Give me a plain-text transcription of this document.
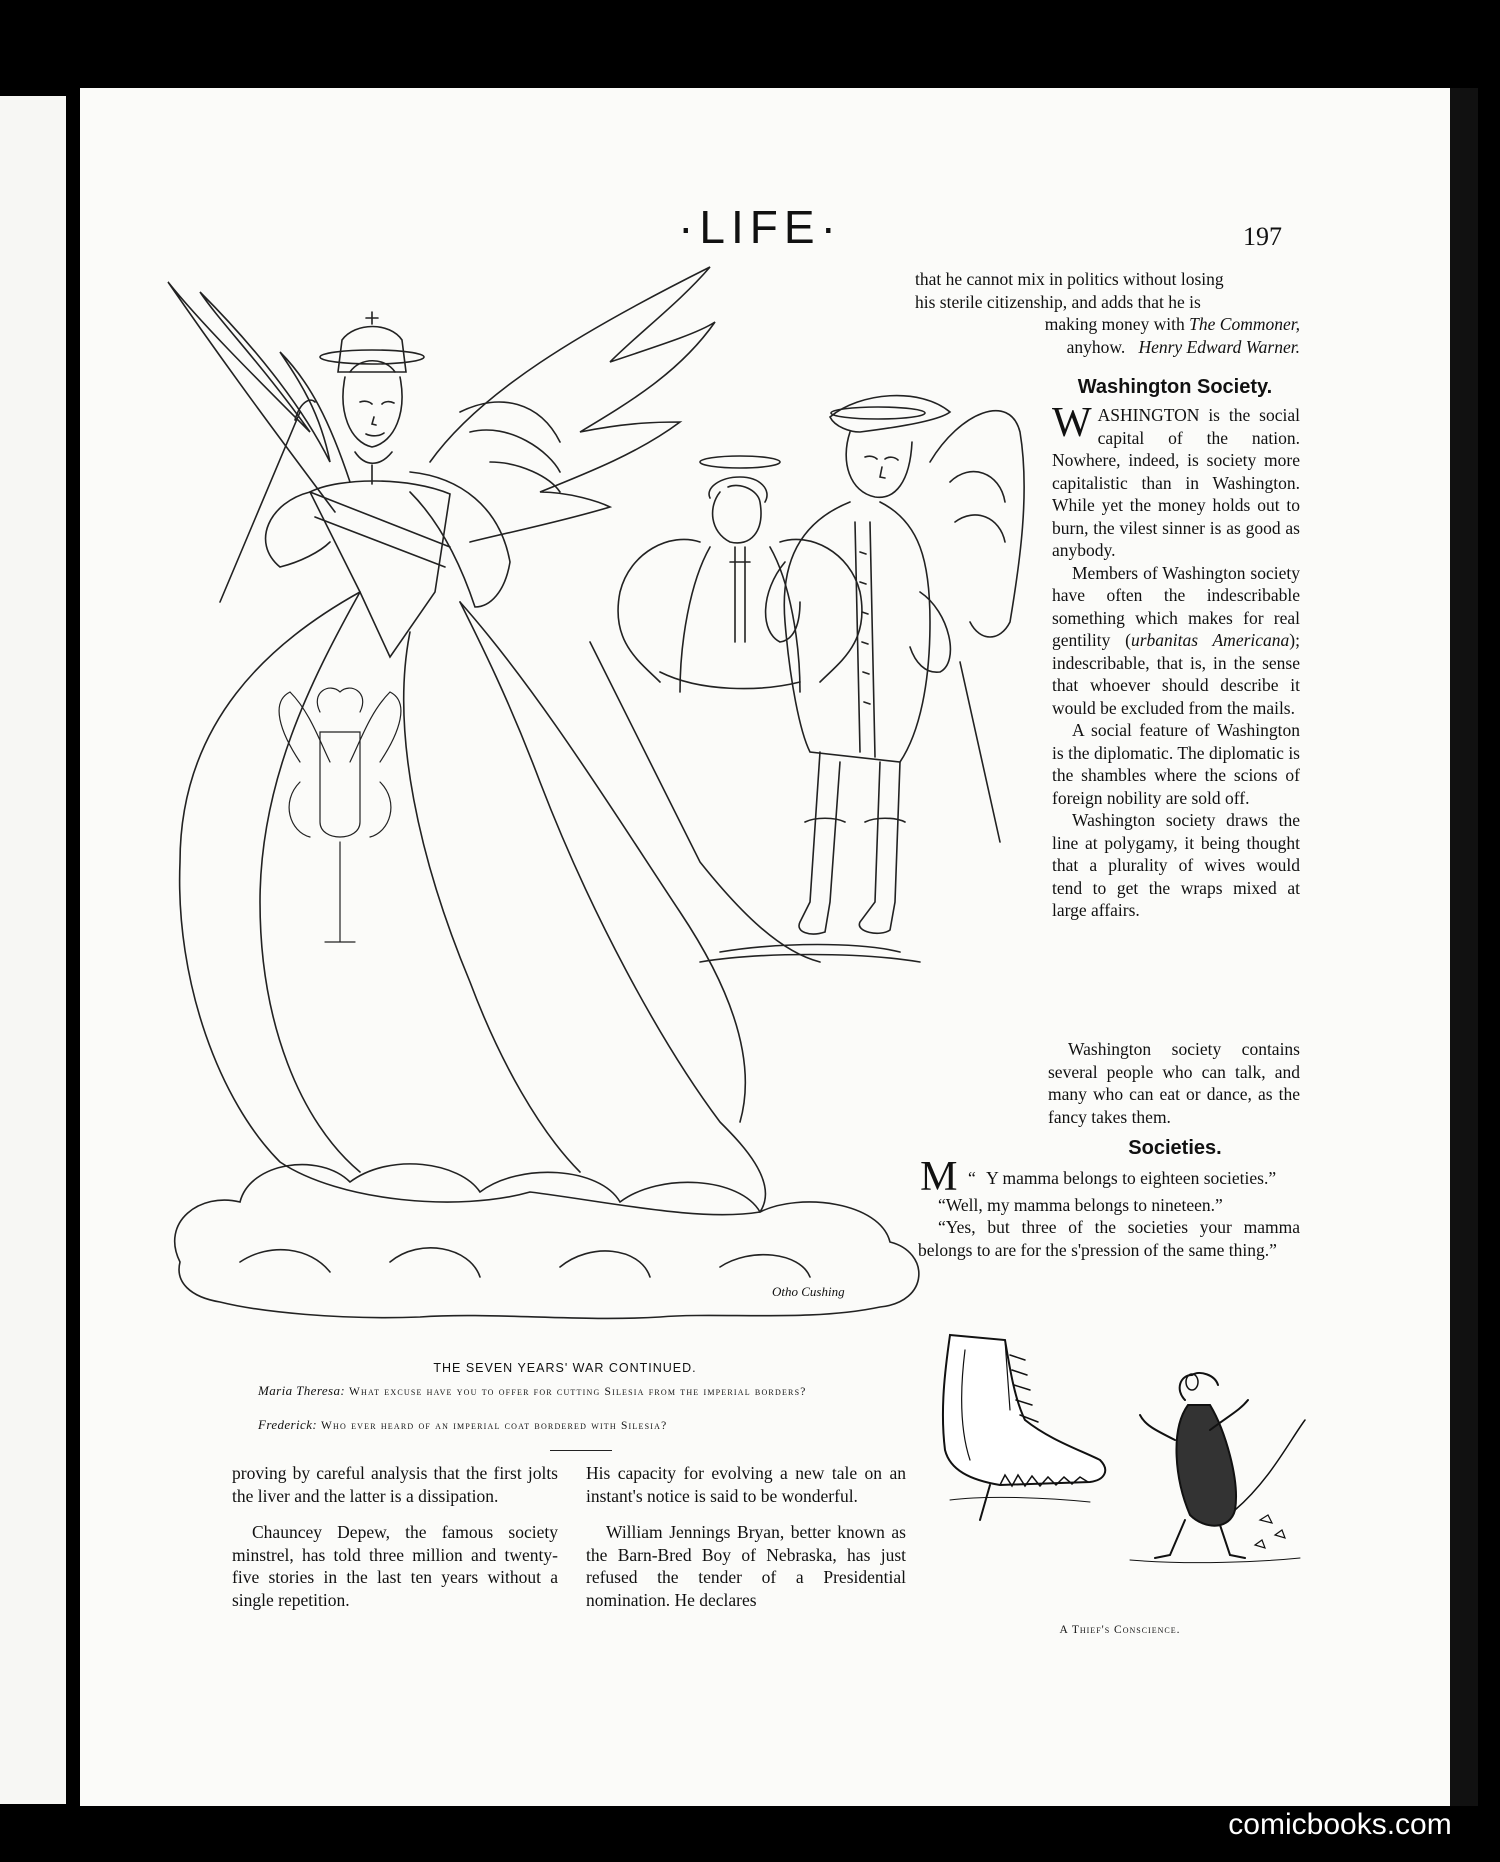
·LIFE·	197
that he cannot mix in politics without losing
his sterile citizenship, and adds that he is
making money with The Commoner,
anyhow. Henry Edward Warner.
Washington Society.

WASHINGTON is the social capital of the nation. Nowhere, indeed, is society more capitalistic than in Washington. While yet the money holds out to burn, the vilest sinner is as good as anybody.

Members of Washington society have often the indescribable something which makes for real gentility (urbanitas Americana); indescribable, that is, in the sense that whoever should describe it would be excluded from the mails.

A social feature of Washington is the diplomatic. The diplomatic is the shambles where the scions of foreign nobility are sold off.

Washington society draws the line at polygamy, it being thought that a plurality of wives would tend to get the wraps mixed at large affairs.

Washington society contains several people who can talk, and many who can eat or dance, as the fancy takes them.

Societies.

“ M Y mamma belongs to eighteen societies.”

“Well, my mamma belongs to nineteen.”

“Yes, but three of the societies your mamma belongs to are for the s'pression of the same thing.”

Otho Cushing
THE SEVEN YEARS' WAR CONTINUED.
Maria Theresa: What excuse have you to offer for cutting Silesia from the imperial borders?
Frederick: Who ever heard of an imperial coat bordered with Silesia?

proving by careful analysis that the first jolts the liver and the latter is a dissipation.

Chauncey Depew, the famous society minstrel, has told three million and twenty-five stories in the last ten years without a single repetition.

His capacity for evolving a new tale on an instant's notice is said to be wonderful.

William Jennings Bryan, better known as the Barn-Bred Boy of Nebraska, has just refused the tender of a Presidential nomination. He declares

A Thief's Conscience.
comicbooks.com
